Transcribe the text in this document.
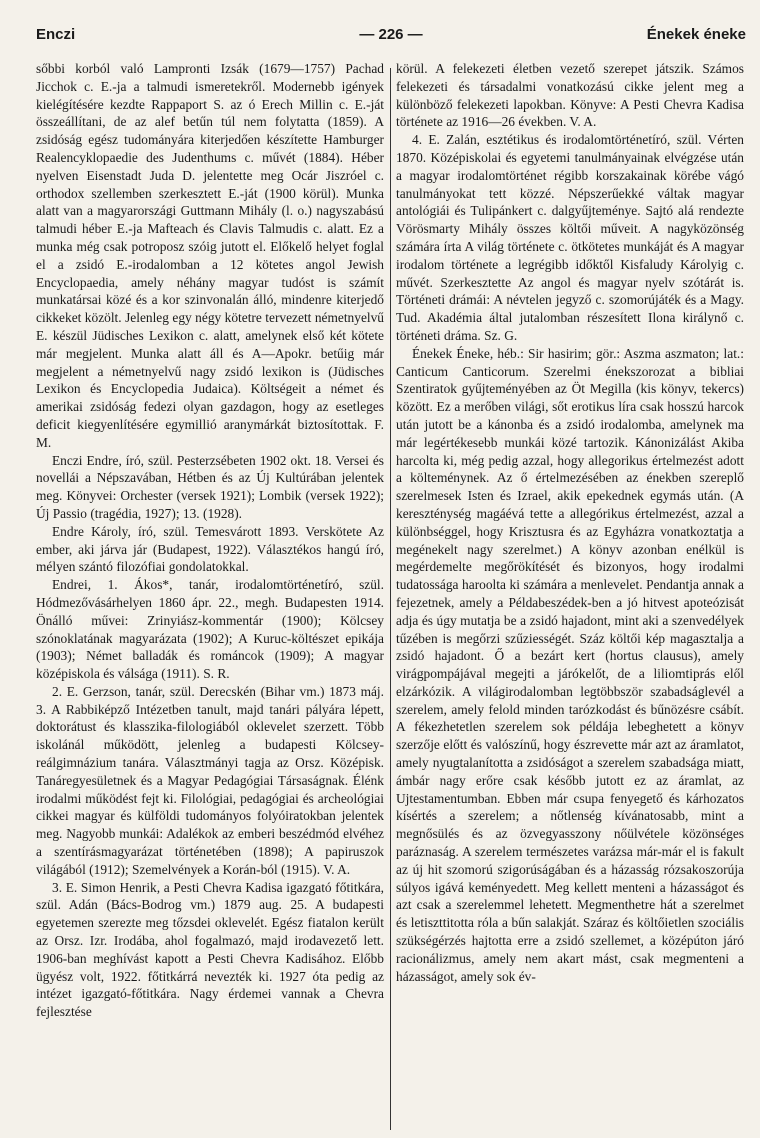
Enczi	— 226 —	Énekek éneke

sőbbi korból való Lampronti Izsák (1679—1757) Pachad Jicchok c. E.-ja a talmudi ismeretekről. Modernebb igények kielégítésére kezdte Rappaport S. az ó Erech Millin c. E.-ját összeállítani, de az alef betűn túl nem folytatta (1859). A zsidóság egész tudományára kiterjedően készítette Hamburger Realencyklopaedie des Judenthums c. művét (1884). Héber nyelven Eisenstadt Juda D. jelentette meg Ocár Jiszróel c. orthodox szellemben szerkesztett E.-ját (1900 körül). Munka alatt van a magyarországi Guttmann Mihály (l. o.) nagyszabású talmudi héber E.-ja Mafteach és Clavis Talmudis c. alatt. Ez a munka még csak potroposz szóig jutott el. Előkelő helyet foglal el a zsidó E.-irodalomban a 12 kötetes angol Jewish Encyclopaedia, amely néhány magyar tudóst is számít munkatársai közé és a kor szinvonalán álló, mindenre kiterjedő cikkeket közölt. Jelenleg egy négy kötetre tervezett németnyelvű E. készül Jüdisches Lexikon c. alatt, amelynek első két kötete már megjelent. Munka alatt áll és A—Apokr. betűig már megjelent a németnyelvű nagy zsidó lexikon is (Jüdisches Lexikon és Encyclopedia Judaica). Költségeit a német és amerikai zsidóság fedezi olyan gazdagon, hogy az esetleges deficit kiegyenlítésére egymillió aranymárkát biztosítottak. F. M.

Enczi Endre, író, szül. Pesterzsébeten 1902 okt. 18. Versei és novellái a Népszavában, Hétben és az Új Kultúrában jelentek meg. Könyvei: Orchester (versek 1921); Lombik (versek 1922); Új Passio (tragédia, 1927); 13. (1928).

Endre Károly, író, szül. Temesvárott 1893. Verskötete Az ember, aki járva jár (Budapest, 1922). Választékos hangú író, mélyen szántó filozófiai gondolatokkal.

Endrei, 1. Ákos*, tanár, irodalomtörténetíró, szül. Hódmezővásárhelyen 1860 ápr. 22., megh. Budapesten 1914. Önálló művei: Zrinyiász-kommentár (1900); Kölcsey szónoklatának magyarázata (1902); A Kuruc-költészet epikája (1903); Német balladák és románcok (1909); A magyar középiskola és válsága (1911). S. R.

2. E. Gerzson, tanár, szül. Derecskén (Bihar vm.) 1873 máj. 3. A Rabbiképző Intézetben tanult, majd tanári pályára lépett, doktorátust és klasszika-filologiából oklevelet szerzett. Több iskolánál működött, jelenleg a budapesti Kölcsey-reálgimnázium tanára. Választmányi tagja az Orsz. Középisk. Tanáregyesületnek és a Magyar Pedagógiai Társaságnak. Élénk irodalmi működést fejt ki. Filológiai, pedagógiai és archeológiai cikkei magyar és külföldi tudományos folyóiratokban jelentek meg. Nagyobb munkái: Adalékok az emberi beszédmód elvéhez a szentírásmagyarázat történetében (1898); A papiruszok világából (1912); Szemelvények a Korán-ból (1915). V. A.

3. E. Simon Henrik, a Pesti Chevra Kadisa igazgató főtitkára, szül. Adán (Bács-Bodrog vm.) 1879 aug. 25. A budapesti egyetemen szerezte meg tőzsdei oklevelét. Egész fiatalon került az Orsz. Izr. Irodába, ahol fogalmazó, majd irodavezető lett. 1906-ban meghívást kapott a Pesti Chevra Kadisához. Előbb ügyész volt, 1922. főtitkárrá nevezték ki. 1927 óta pedig az intézet igazgató-főtitkára. Nagy érdemei vannak a Chevra fejlesztése

körül. A felekezeti életben vezető szerepet játszik. Számos felekezeti és társadalmi vonatkozású cikke jelent meg a különböző felekezeti lapokban. Könyve: A Pesti Chevra Kadisa története az 1916—26 években. V. A.

4. E. Zalán, esztétikus és irodalomtörténetíró, szül. Vérten 1870. Középiskolai és egyetemi tanulmányainak elvégzése után a magyar irodalomtörténet régibb korszakainak körébe vágó tanulmányokat tett közzé. Népszerűekké váltak magyar antológiái és Tulipánkert c. dalgyűjteménye. Sajtó alá rendezte Vörösmarty Mihály összes költői műveit. A nagyközönség számára írta A világ története c. ötkötetes munkáját és A magyar irodalom története a legrégibb időktől Kisfaludy Károlyig c. művét. Szerkesztette Az angol és magyar nyelv szótárát is. Történeti drámái: A névtelen jegyző c. szomorújáték és a Magy. Tud. Akadémia által jutalomban részesített Ilona királynő c. történeti dráma. Sz. G.

Énekek Éneke, héb.: Sir hasirim; gör.: Aszma aszmaton; lat.: Canticum Canticorum. Szerelmi énekszorozat a bibliai Szentiratok gyűjteményében az Öt Megilla (kis könyv, tekercs) között. Ez a merőben világi, sőt erotikus líra csak hosszú harcok után jutott be a kánonba és a zsidó irodalomba, amelynek ma már legértékesebb munkái közé tartozik. Kánonizálást Akiba harcolta ki, még pedig azzal, hogy allegorikus értelmezést adott a költeménynek. Az ő értelmezésében az énekben szereplő szerelmesek Isten és Izrael, akik epekednek egymás után. (A kereszténység magáévá tette a allegórikus értelmezést, azzal a különbséggel, hogy Krisztusra és az Egyházra vonatkoztatja a megénekelt nagy szerelmet.) A könyv azonban enélkül is megérdemelte megőrökítését és bizonyos, hogy irodalmi tudatossága haroolta ki számára a menlevelet. Pendantja annak a fejezetnek, amely a Példabeszédek-ben a jó hitvest apoteózisát adja és úgy mutatja be a zsidó hajadont, mint aki a szenvedélyek tűzében is megőrzi szűziességét. Száz költői kép magasztalja a zsidó hajadont. Ő a bezárt kert (hortus clausus), amely virágpompájával megejti a járókelőt, de a liliomtiprás elől elzárkózik. A világirodalomban legtöbbször szabadságlevél a szerelem, amely felold minden tarózkodást és bűnözésre csábít. A fékezhetetlen szerelem sok példája lebeghetett a könyv szerzője előtt és valószínű, hogy észrevette már azt az áramlatot, amely nyugtalanította a zsidóságot a szerelem szabadsága miatt, ámbár nagy erőre csak később jutott ez az áramlat, az Ujtestamentumban. Ebben már csupa fenyegető és kárhozatos kísértés a szerelem; a nőtlenség kívánatosabb, mint a megnősülés és az özvegyasszony nőülvétele közönséges paráznaság. A szerelem természetes varázsa már-már el is fakult az új hit szomorú szigorúságában és a házasság rózsakoszorúja súlyos igává keményedett. Meg kellett menteni a házasságot és azt csak a szerelemmel lehetett. Megmenthetre hát a szerelmet és letiszttitotta róla a bűn salakját. Száraz és költőietlen szociális szükségérzés hajtotta erre a zsidó szellemet, a középúton járó racionálizmus, amely nem akart mást, csak megmenteni a házasságot, amely sok év-
